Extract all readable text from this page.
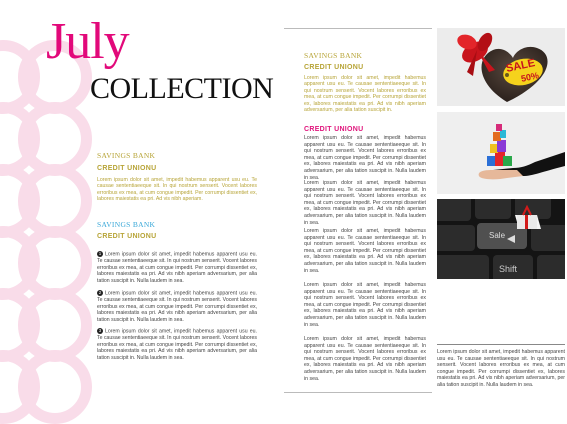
July
COLLECTION
SAVINGS BANK
CREDIT UNIONU
Lorem ipsum dolor sit amet, impedit habemus apparent usu eu. Te causae sententiaeeque sit. In qui nostrum senserit. Vocent labores erroribus ex mea, at cum congue impedit. Per corrumpi dissentiet ex, labores maiestatis ea pri. Ad vis nibh aperiam.
SAVINGS BANK
CREDIT UNIONU
1 Lorem ipsum dolor sit amet, impedit habemus apparent usu eu. Te causae sententiaeeque sit. In qui nostrum senserit. Vocent labores erroribus ex mea, at cum congue impedit. Per corrumpi dissentiet ex, labores maiestatis ea pri. Ad vis nibh aperiam adversarium, per alia tation suscipit in. Nulla laudem in sea.
2 Lorem ipsum dolor sit amet, impedit habemus apparent usu eu. Te causae sententiaeeque sit. In qui nostrum senserit. Vocent labores erroribus ex mea, at cum congue impedit. Per corrumpi dissentiet ex, labores maiestatis ea pri. Ad vis nibh aperiam adversarium, per alia tation suscipit in. Nulla laudem in sea.
3 Lorem ipsum dolor sit amet, impedit habemus apparent usu eu. Te causae sententiaeeque sit. In qui nostrum senserit. Vocent labores erroribus ex mea, at cum congue impedit. Per corrumpi dissentiet ex, labores maiestatis ea pri. Ad vis nibh aperiam adversarium, per alia tation suscipit in. Nulla laudem in sea.
SAVINGS BANK
CREDIT UNIONU
Lorem ipsum dolor sit amet, impedit habemus apparent usu eu. Te causae sententiaeeque sit. In qui nostrum senserit. Vocent labores erroribus ex mea, at cum congue impedit. Per corrumpi dissentiet ex, labores maiestatis ea pri. Ad vis nibh aperiam adversarium, per alia tation suscipit in.
CREDIT UNIONU
Lorem ipsum dolor sit amet, impedit habemus apparent usu eu. Te causae sententiaeeque sit. In qui nostrum senserit. Vocent labores erroribus ex mea, at cum congue impedit. Per corrumpi dissentiet ex, labores maiestatis ea pri. Ad vis nibh aperiam adversarium, per alia tation suscipit in. Nulla laudem in sea.
Lorem ipsum dolor sit amet, impedit habemus apparent usu eu. Te causae sententiaeeque sit. In qui nostrum senserit. Vocent labores erroribus ex mea, at cum congue impedit. Per corrumpi dissentiet ex, labores maiestatis ea pri. Ad vis nibh aperiam adversarium, per alia tation suscipit in. Nulla laudem in sea.
Lorem ipsum dolor sit amet, impedit habemus apparent usu eu. Te causae sententiaeeque sit. In qui nostrum senserit. Vocent labores erroribus ex mea, at cum congue impedit. Per corrumpi dissentiet ex, labores maiestatis ea pri. Ad vis nibh aperiam adversarium, per alia tation suscipit in. Nulla laudem in sea.
Lorem ipsum dolor sit amet, impedit habemus apparent usu eu. Te causae sententiaeeque sit. In qui nostrum senserit. Vocent labores erroribus ex mea, at cum congue impedit. Per corrumpi dissentiet ex, labores maiestatis ea pri. Ad vis nibh aperiam adversarium, per alia tation suscipit in. Nulla laudem in sea.
Lorem ipsum dolor sit amet, impedit habemus apparent usu eu. Te causae sententiaeeque sit. In qui nostrum senserit. Vocent labores erroribus ex mea, at cum congue impedit. Per corrumpi dissentiet ex, labores maiestatis ea pri. Ad vis nibh aperiam adversarium, per alia tation suscipit in. Nulla laudem in sea.
Lorem ipsum dolor sit amet, impedit habemus apparent usu eu. Te causae sententiaeeque sit. In qui nostrum senserit. Vocent labores erroribus ex mea, at cum congue impedit. Per corrumpi dissentiet ex, labores maiestatis ea pri. Ad vis nibh aperiam adversarium, per alia tation suscipit in. Nulla laudem in sea.
SALE
50%
Sale
Shift
